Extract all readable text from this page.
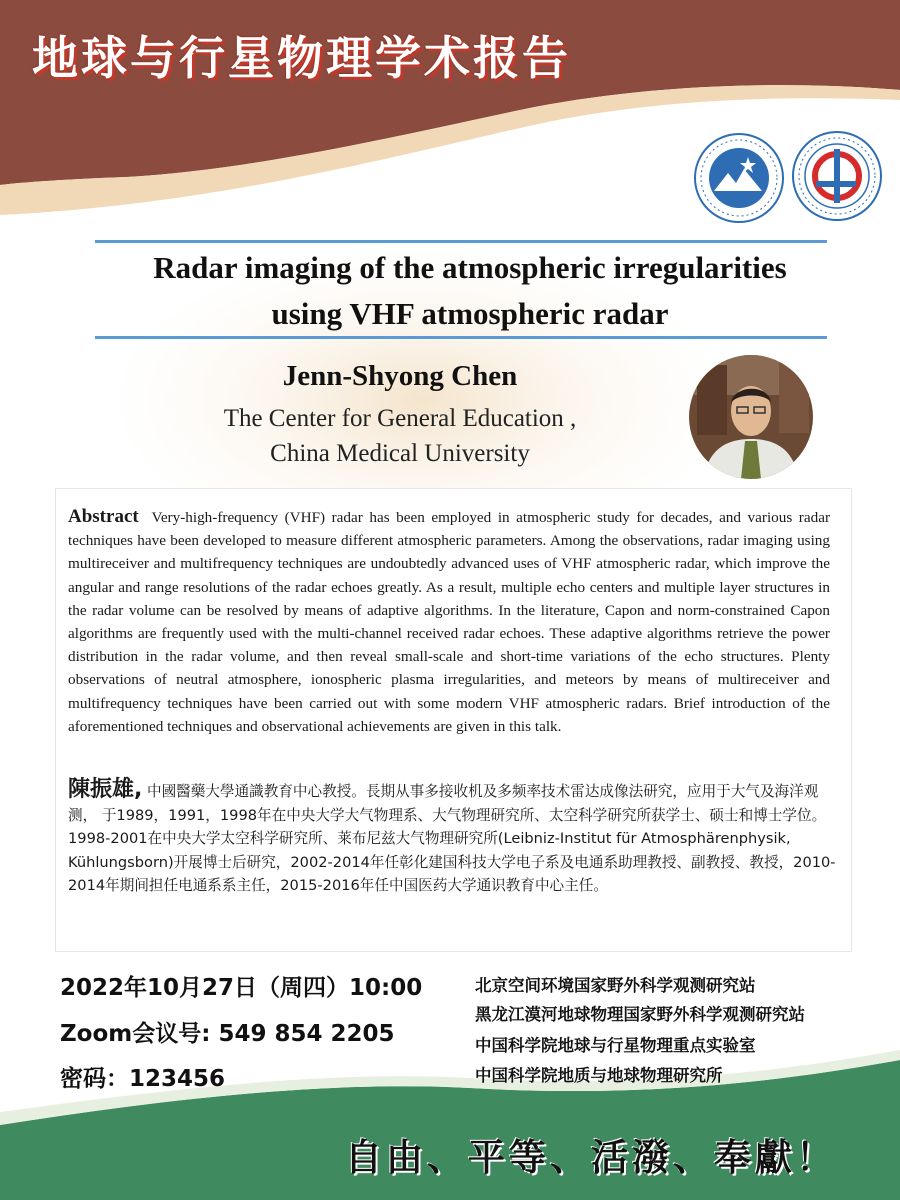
地球与行星物理学术报告
Radar imaging of the atmospheric irregularities
using VHF atmospheric radar
Jenn-Shyong Chen
The Center for General Education ,
China Medical University

Abstract Very-high-frequency (VHF) radar has been employed in atmospheric study for decades, and various radar techniques have been developed to measure different atmospheric parameters. Among the observations, radar imaging using multireceiver and multifrequency techniques are undoubtedly advanced uses of VHF atmospheric radar, which improve the angular and range resolutions of the radar echoes greatly. As a result, multiple echo centers and multiple layer structures in the radar volume can be resolved by means of adaptive algorithms. In the literature, Capon and norm-constrained Capon algorithms are frequently used with the multi-channel received radar echoes. These adaptive algorithms retrieve the power distribution in the radar volume, and then reveal small-scale and short-time variations of the echo structures. Plenty observations of neutral atmosphere, ionospheric plasma irregularities, and meteors by means of multireceiver and multifrequency techniques have been carried out with some modern VHF atmospheric radars. Brief introduction of the aforementioned techniques and observational achievements are given in this talk.

陳振雄, 中國醫藥大學通識教育中心教授。長期从事多接收机及多频率技术雷达成像法研究，应用于大气及海洋观测， 于1989，1991，1998年在中央大学大气物理系、大气物理研究所、太空科学研究所获学士、硕士和博士学位。1998-2001在中央大学太空科学研究所、莱布尼兹大气物理研究所(Leibniz-Institut für Atmosphärenphysik, Kühlungsborn)开展博士后研究，2002-2014年任彰化建国科技大学电子系及电通系助理教授、副教授、教授，2010-2014年期间担任电通系系主任，2015-2016年任中国医药大学通识教育中心主任。

2022年10月27日（周四）10:00
Zoom会议号: 549 854 2205
密码：123456
北京空间环境国家野外科学观测研究站
黑龙江漠河地球物理国家野外科学观测研究站
中国科学院地球与行星物理重点实验室
中国科学院地质与地球物理研究所
自由、平等、活潑、奉獻！
